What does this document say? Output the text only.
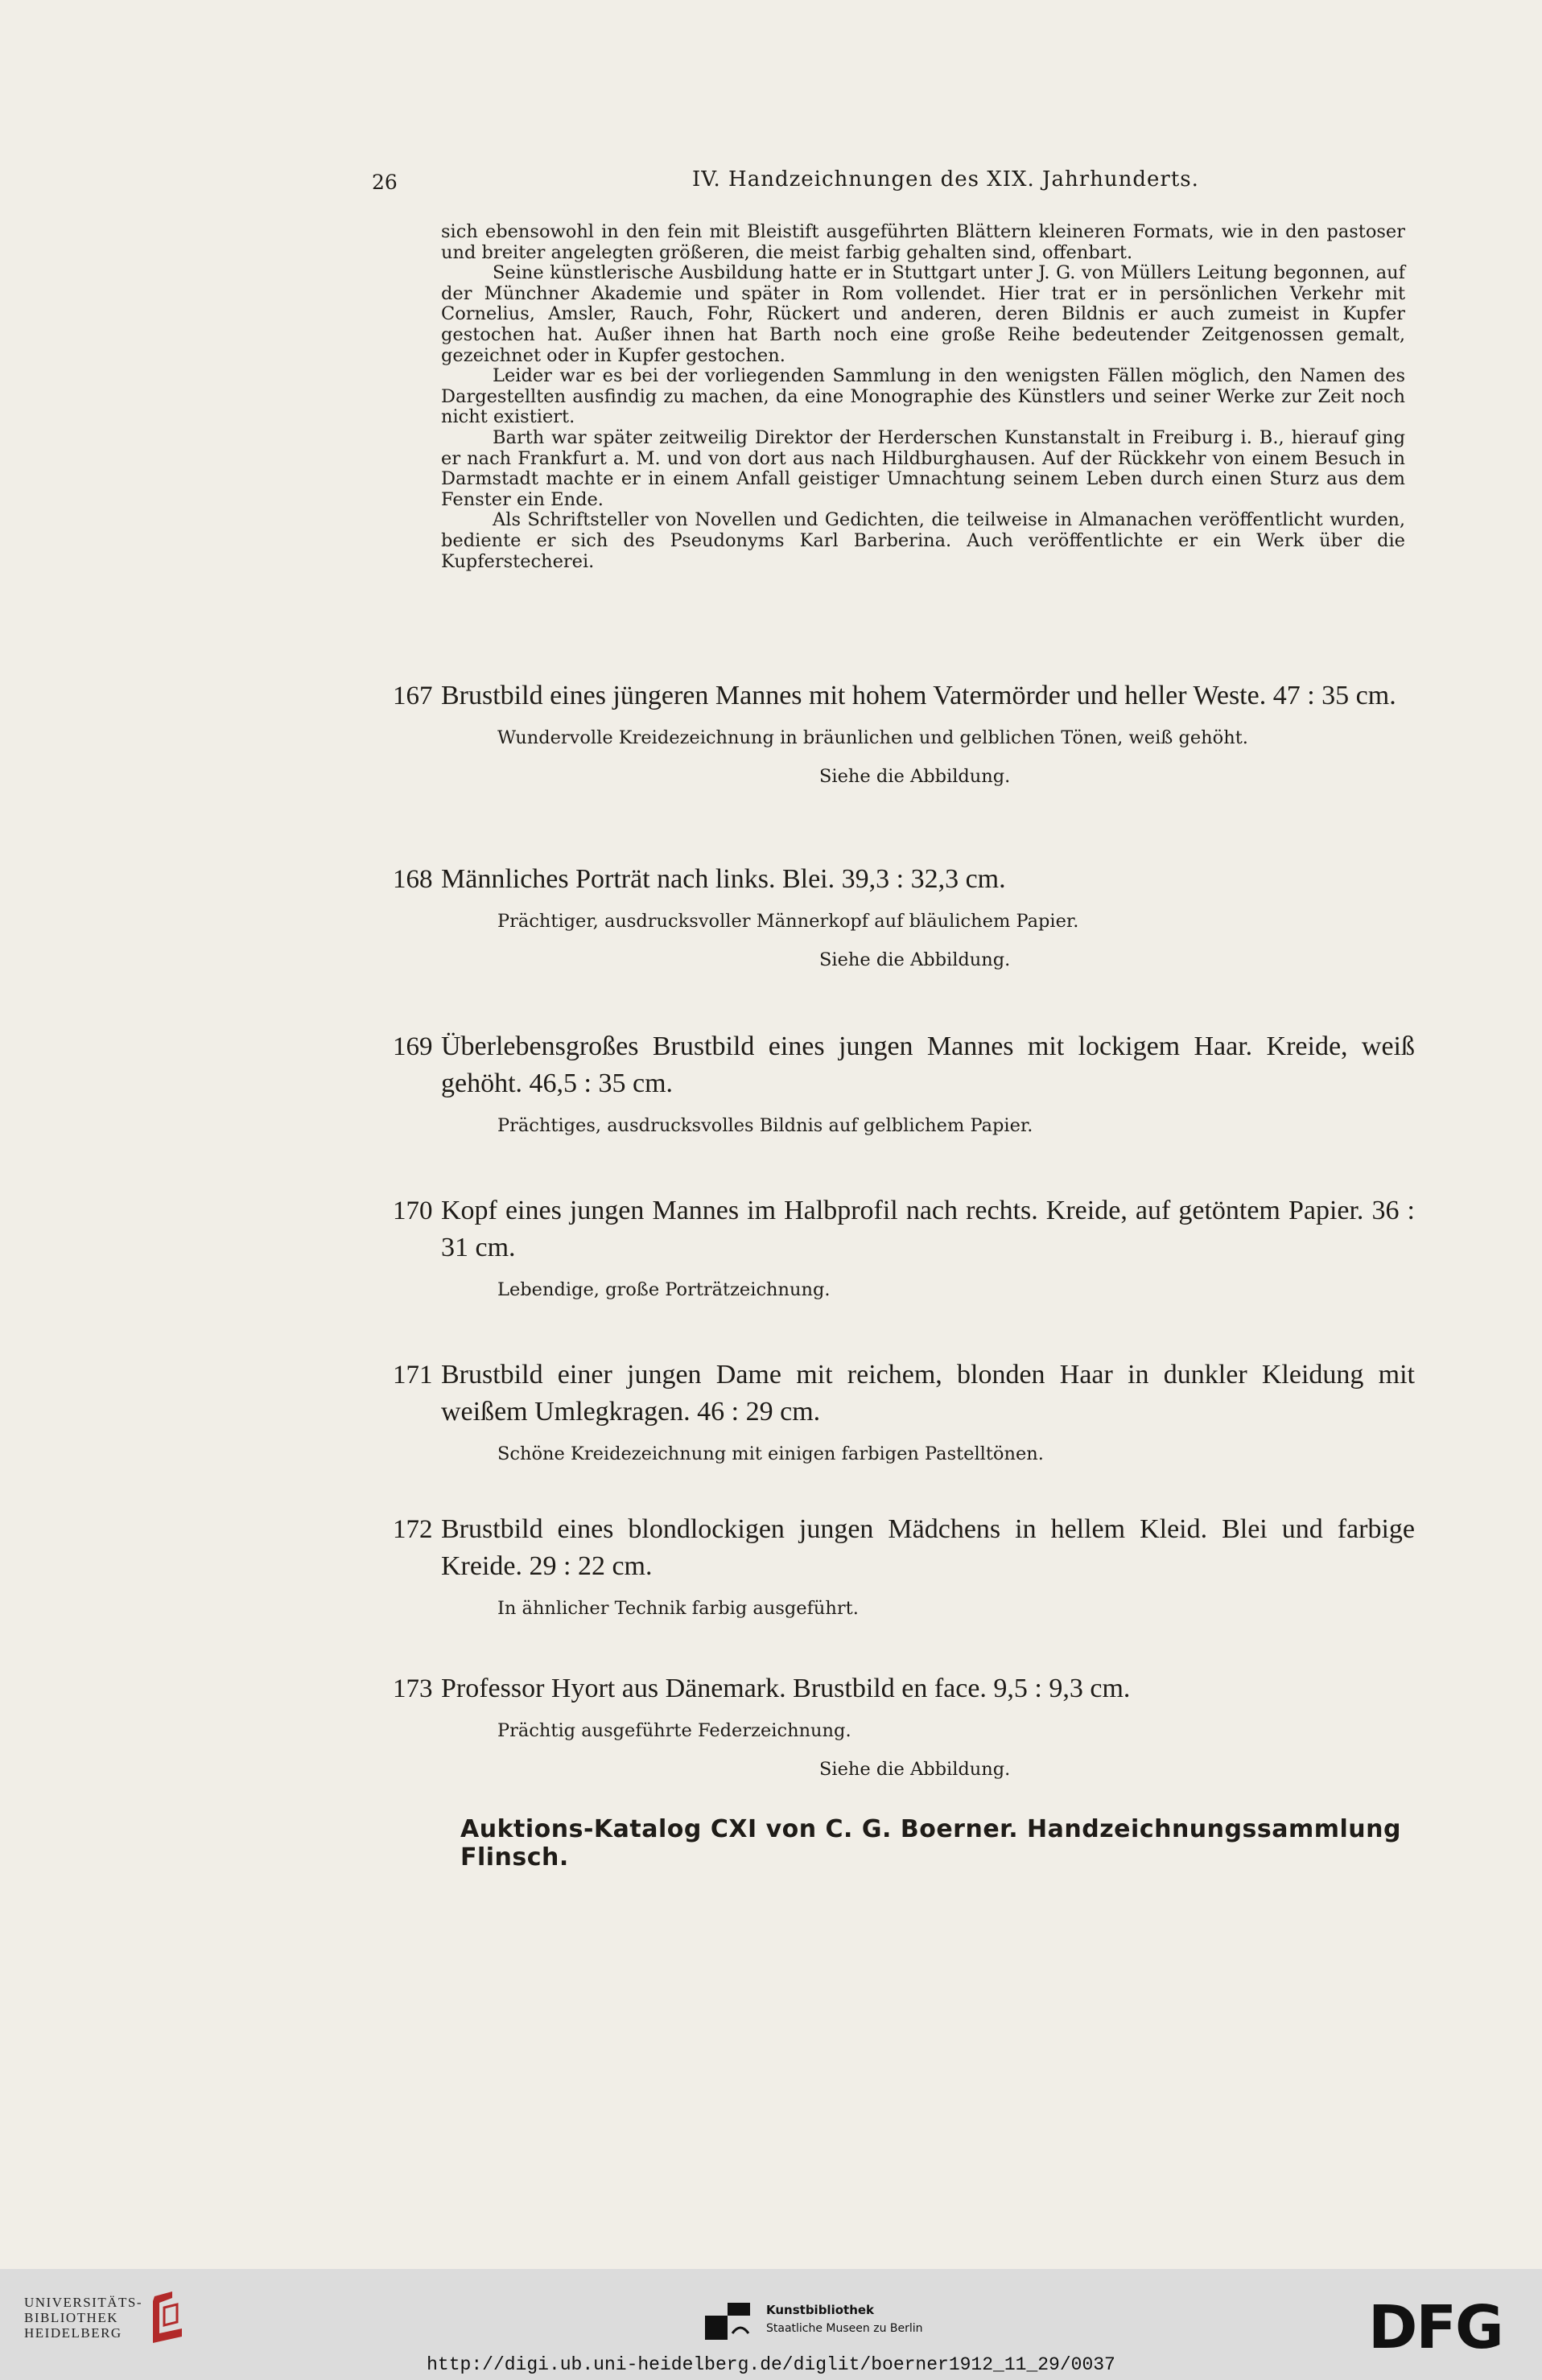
26	IV. Handzeichnungen des XIX. Jahrhunderts.

sich ebensowohl in den fein mit Bleistift ausgeführten Blättern kleineren Formats, wie in den pastoser und breiter angelegten größeren, die meist farbig gehalten sind, offenbart.

Seine künstlerische Ausbildung hatte er in Stuttgart unter J. G. von Müllers Leitung begonnen, auf der Münchner Akademie und später in Rom vollendet. Hier trat er in persönlichen Verkehr mit Cornelius, Amsler, Rauch, Fohr, Rückert und anderen, deren Bildnis er auch zumeist in Kupfer gestochen hat. Außer ihnen hat Barth noch eine große Reihe bedeutender Zeitgenossen gemalt, gezeichnet oder in Kupfer gestochen.

Leider war es bei der vorliegenden Sammlung in den wenigsten Fällen möglich, den Namen des Dargestellten ausfindig zu machen, da eine Monographie des Künstlers und seiner Werke zur Zeit noch nicht existiert.

Barth war später zeitweilig Direktor der Herderschen Kunstanstalt in Freiburg i. B., hierauf ging er nach Frankfurt a. M. und von dort aus nach Hildburghausen. Auf der Rückkehr von einem Besuch in Darmstadt machte er in einem Anfall geistiger Umnachtung seinem Leben durch einen Sturz aus dem Fenster ein Ende.

Als Schriftsteller von Novellen und Gedichten, die teilweise in Almanachen veröffentlicht wurden, bediente er sich des Pseudonyms Karl Barberina. Auch veröffentlichte er ein Werk über die Kupferstecherei.

167 Brustbild eines jüngeren Mannes mit hohem Vatermörder und heller Weste. 47 : 35 cm.
Wundervolle Kreidezeichnung in bräunlichen und gelblichen Tönen, weiß gehöht.
Siehe die Abbildung.
168 Männliches Porträt nach links. Blei. 39,3 : 32,3 cm.
Prächtiger, ausdrucksvoller Männerkopf auf bläulichem Papier.
Siehe die Abbildung.
169 Überlebensgroßes Brustbild eines jungen Mannes mit lockigem Haar. Kreide, weiß gehöht. 46,5 : 35 cm.
Prächtiges, ausdrucksvolles Bildnis auf gelblichem Papier.
170 Kopf eines jungen Mannes im Halbprofil nach rechts. Kreide, auf getöntem Papier. 36 : 31 cm.
Lebendige, große Porträtzeichnung.
171 Brustbild einer jungen Dame mit reichem, blonden Haar in dunkler Kleidung mit weißem Umlegkragen. 46 : 29 cm.
Schöne Kreidezeichnung mit einigen farbigen Pastelltönen.
172 Brustbild eines blondlockigen jungen Mädchens in hellem Kleid. Blei und farbige Kreide. 29 : 22 cm.
In ähnlicher Technik farbig ausgeführt.
173 Professor Hyort aus Dänemark. Brustbild en face. 9,5 : 9,3 cm.
Prächtig ausgeführte Federzeichnung.
Siehe die Abbildung.
Auktions-Katalog CXI von C. G. Boerner. Handzeichnungssammlung Flinsch.
UNIVERSITÄTS-
BIBLIOTHEK
HEIDELBERG
Kunstbibliothek
Staatliche Museen zu Berlin	DFG
http://digi.ub.uni-heidelberg.de/diglit/boerner1912_11_29/0037
